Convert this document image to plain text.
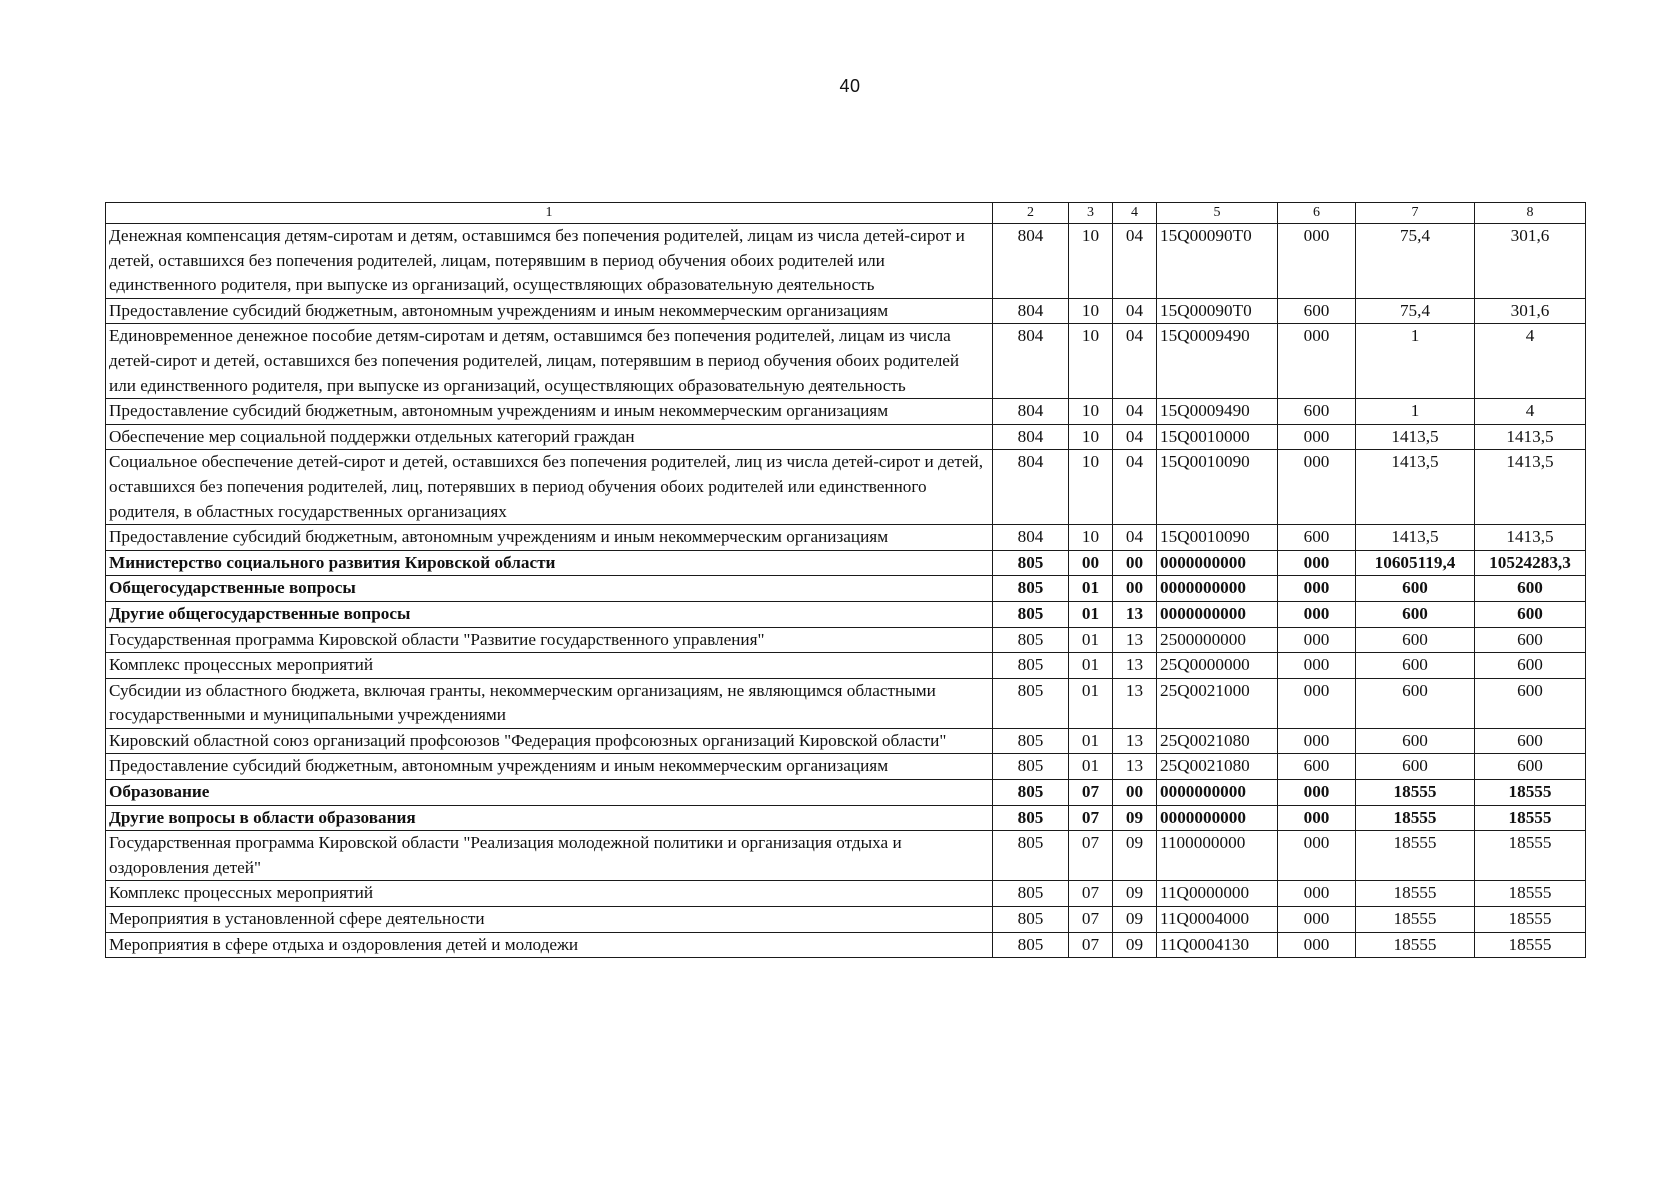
40
1	2	3	4	5	6	7	8
Денежная компенсация детям-сиротам и детям, оставшимся без попечения родителей, лицам из числа детей-сирот и детей, оставшихся без попечения родителей, лицам, потерявшим в период обучения обоих родителей или единственного родителя, при выпуске из организаций, осуществляющих образовательную деятельность	804	10	04	15Q00090T0	000	75,4	301,6
Предоставление субсидий бюджетным, автономным учреждениям и иным некоммерческим организациям	804	10	04	15Q00090T0	600	75,4	301,6
Единовременное денежное пособие детям-сиротам и детям, оставшимся без попечения родителей, лицам из числа детей-сирот и детей, оставшихся без попечения родителей, лицам, потерявшим в период обучения обоих родителей или единственного родителя, при выпуске из организаций, осуществляющих образовательную деятельность	804	10	04	15Q0009490	000	1	4
Предоставление субсидий бюджетным, автономным учреждениям и иным некоммерческим организациям	804	10	04	15Q0009490	600	1	4
Обеспечение мер социальной поддержки отдельных категорий граждан	804	10	04	15Q0010000	000	1413,5	1413,5
Социальное обеспечение детей-сирот и детей, оставшихся без попечения родителей, лиц из числа детей-сирот и детей, оставшихся без попечения родителей, лиц, потерявших в период обучения обоих родителей или единственного родителя, в областных государственных организациях	804	10	04	15Q0010090	000	1413,5	1413,5
Предоставление субсидий бюджетным, автономным учреждениям и иным некоммерческим организациям	804	10	04	15Q0010090	600	1413,5	1413,5
Министерство социального развития Кировской области	805	00	00	0000000000	000	10605119,4	10524283,3
Общегосударственные вопросы	805	01	00	0000000000	000	600	600
Другие общегосударственные вопросы	805	01	13	0000000000	000	600	600
Государственная программа Кировской области "Развитие государственного управления"	805	01	13	2500000000	000	600	600
Комплекс процессных мероприятий	805	01	13	25Q0000000	000	600	600
Субсидии из областного бюджета, включая гранты, некоммерческим организациям, не являющимся областными государственными и муниципальными учреждениями	805	01	13	25Q0021000	000	600	600
Кировский областной союз организаций профсоюзов "Федерация профсоюзных организаций Кировской области"	805	01	13	25Q0021080	000	600	600
Предоставление субсидий бюджетным, автономным учреждениям и иным некоммерческим организациям	805	01	13	25Q0021080	600	600	600
Образование	805	07	00	0000000000	000	18555	18555
Другие вопросы в области образования	805	07	09	0000000000	000	18555	18555
Государственная программа Кировской области "Реализация молодежной политики и организация отдыха и оздоровления детей"	805	07	09	1100000000	000	18555	18555
Комплекс процессных мероприятий	805	07	09	11Q0000000	000	18555	18555
Мероприятия в установленной сфере деятельности	805	07	09	11Q0004000	000	18555	18555
Мероприятия в сфере отдыха и оздоровления детей и молодежи	805	07	09	11Q0004130	000	18555	18555
